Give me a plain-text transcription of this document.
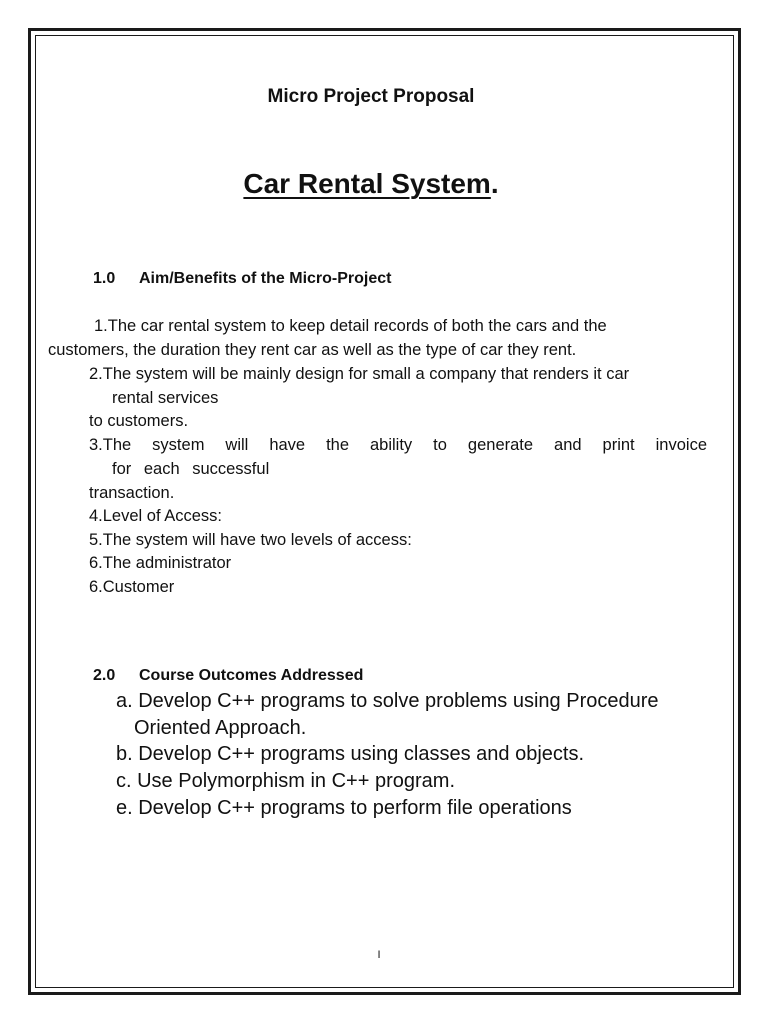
Micro Project Proposal
Car Rental System.
1.0 Aim/Benefits of the Micro-Project
1.The car rental system to keep detail records of both the cars and the
customers, the duration they rent car as well as the type of car they rent.
2.The system will be mainly design for small a company that renders it car
rental services
to customers.
3.The system will have the ability to generate and print invoice
for each successful
transaction.
4.Level of Access:
5.The system will have two levels of access:
6.The administrator
6.Customer
2.0 Course Outcomes Addressed
a. Develop C++ programs to solve problems using Procedure
Oriented Approach.
b. Develop C++ programs using classes and objects.
c. Use Polymorphism in C++ program.
e. Develop C++ programs to perform file operations
I
